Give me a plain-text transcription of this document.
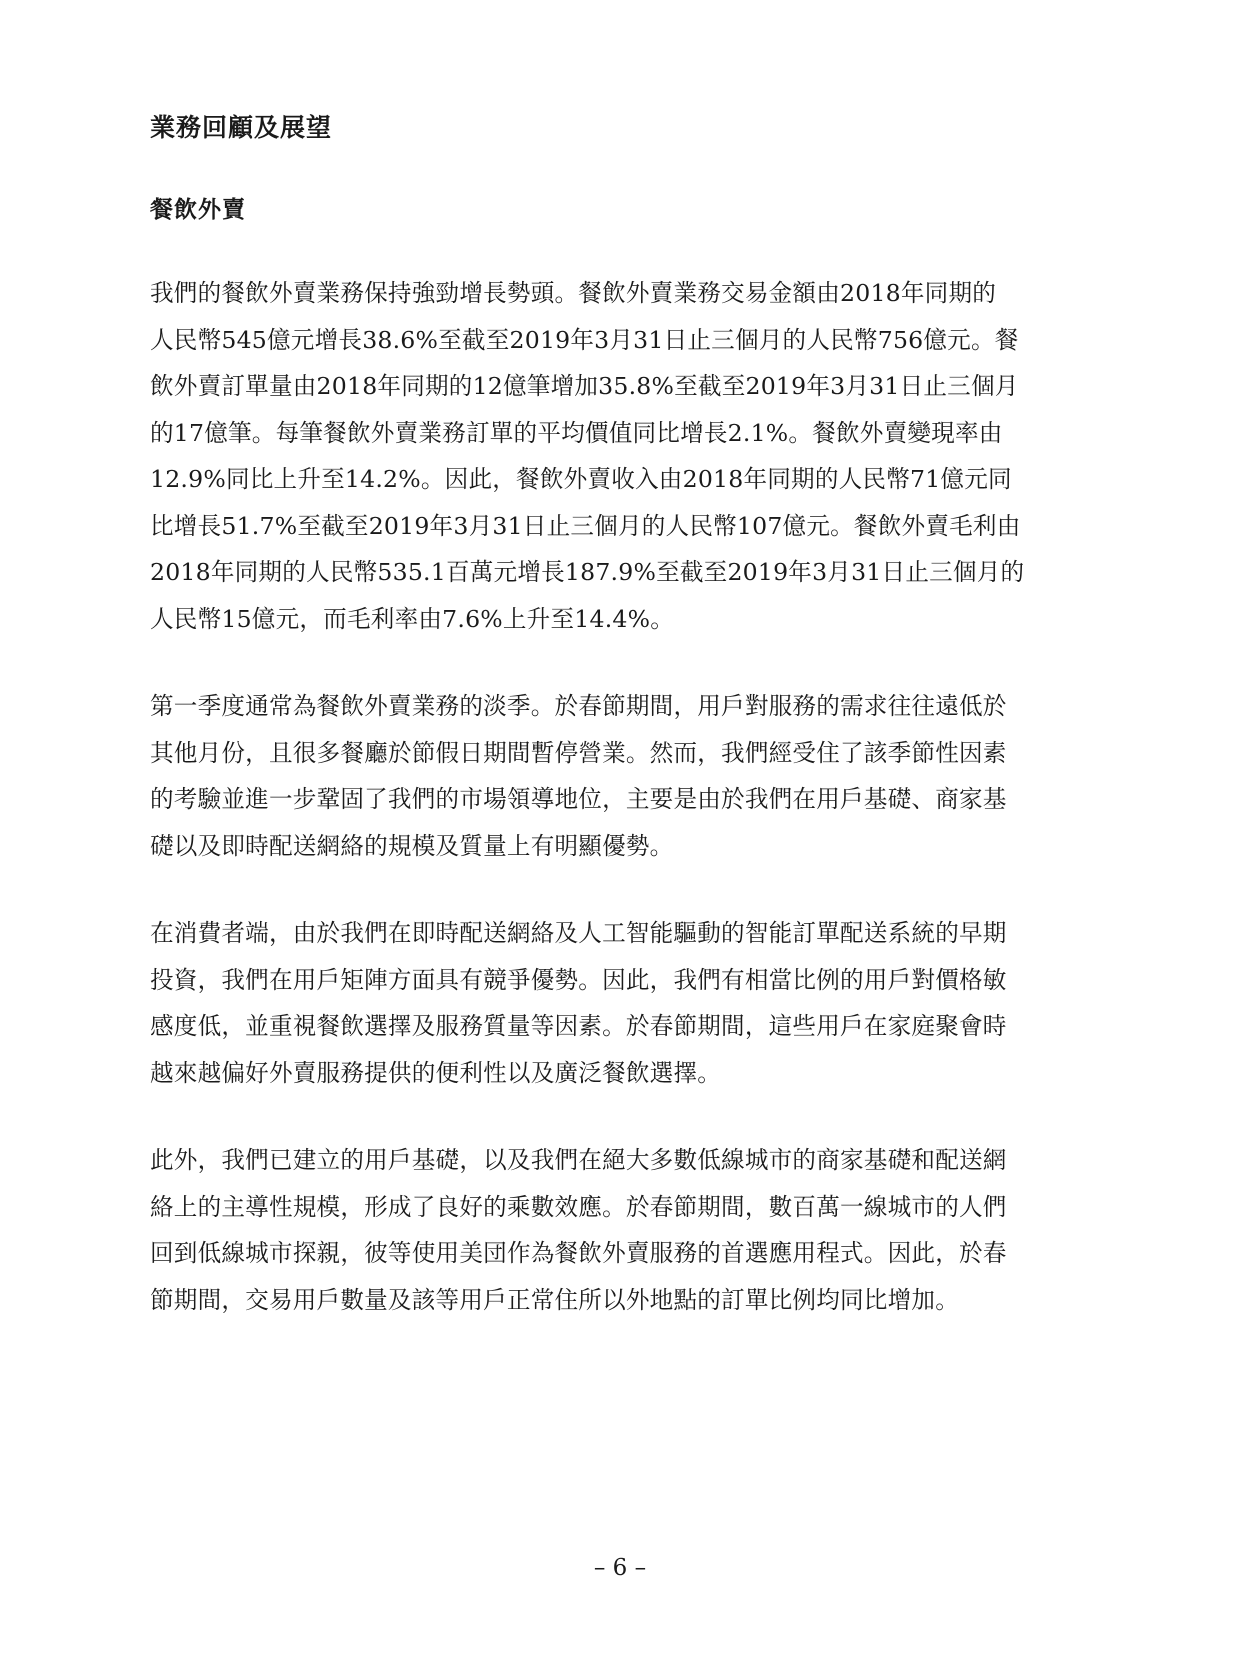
業務回顧及展望
餐飲外賣

我們的餐飲外賣業務保持強勁增長勢頭。餐飲外賣業務交易金額由2018年同期的
人民幣545億元增長38.6%至截至2019年3月31日止三個月的人民幣756億元。餐
飲外賣訂單量由2018年同期的12億筆增加35.8%至截至2019年3月31日止三個月
的17億筆。每筆餐飲外賣業務訂單的平均價值同比增長2.1%。餐飲外賣變現率由
12.9%同比上升至14.2%。因此，餐飲外賣收入由2018年同期的人民幣71億元同
比增長51.7%至截至2019年3月31日止三個月的人民幣107億元。餐飲外賣毛利由
2018年同期的人民幣535.1百萬元增長187.9%至截至2019年3月31日止三個月的
人民幣15億元，而毛利率由7.6%上升至14.4%。

第一季度通常為餐飲外賣業務的淡季。於春節期間，用戶對服務的需求往往遠低於
其他月份，且很多餐廳於節假日期間暫停營業。然而，我們經受住了該季節性因素
的考驗並進一步鞏固了我們的市場領導地位，主要是由於我們在用戶基礎、商家基
礎以及即時配送網絡的規模及質量上有明顯優勢。

在消費者端，由於我們在即時配送網絡及人工智能驅動的智能訂單配送系統的早期
投資，我們在用戶矩陣方面具有競爭優勢。因此，我們有相當比例的用戶對價格敏
感度低，並重視餐飲選擇及服務質量等因素。於春節期間，這些用戶在家庭聚會時
越來越偏好外賣服務提供的便利性以及廣泛餐飲選擇。

此外，我們已建立的用戶基礎，以及我們在絕大多數低線城市的商家基礎和配送網
絡上的主導性規模，形成了良好的乘數效應。於春節期間，數百萬一線城市的人們
回到低線城市探親，彼等使用美団作為餐飲外賣服務的首選應用程式。因此，於春
節期間，交易用戶數量及該等用戶正常住所以外地點的訂單比例均同比增加。

– 6 –
